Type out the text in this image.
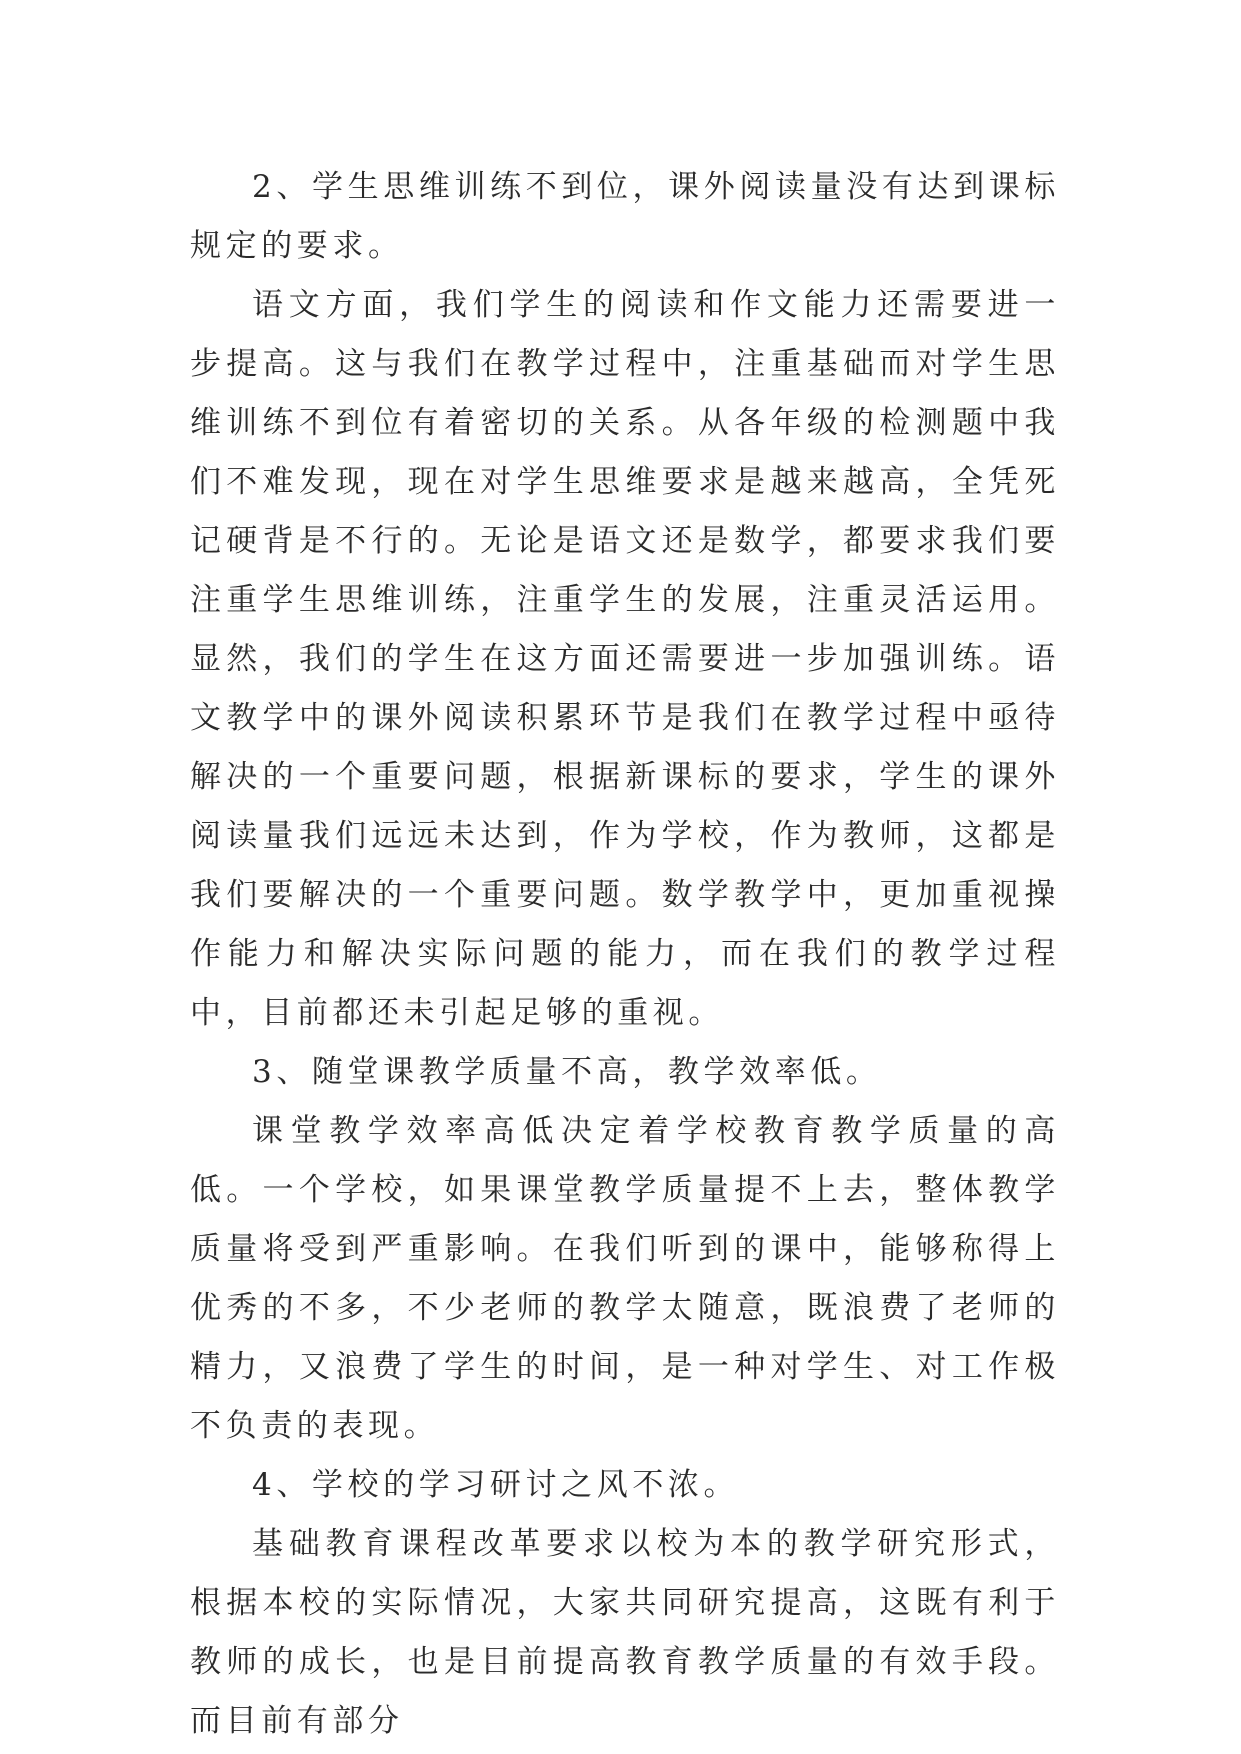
2、学生思维训练不到位，课外阅读量没有达到课标规定的要求。

语文方面，我们学生的阅读和作文能力还需要进一步提高。这与我们在教学过程中，注重基础而对学生思维训练不到位有着密切的关系。从各年级的检测题中我们不难发现，现在对学生思维要求是越来越高，全凭死记硬背是不行的。无论是语文还是数学，都要求我们要注重学生思维训练，注重学生的发展，注重灵活运用。显然，我们的学生在这方面还需要进一步加强训练。语文教学中的课外阅读积累环节是我们在教学过程中亟待解决的一个重要问题，根据新课标的要求，学生的课外阅读量我们远远未达到，作为学校，作为教师，这都是我们要解决的一个重要问题。数学教学中，更加重视操作能力和解决实际问题的能力，而在我们的教学过程中，目前都还未引起足够的重视。

3、随堂课教学质量不高，教学效率低。

课堂教学效率高低决定着学校教育教学质量的高低。一个学校，如果课堂教学质量提不上去，整体教学质量将受到严重影响。在我们听到的课中，能够称得上优秀的不多，不少老师的教学太随意，既浪费了老师的精力，又浪费了学生的时间，是一种对学生、对工作极不负责的表现。

4、学校的学习研讨之风不浓。

基础教育课程改革要求以校为本的教学研究形式，根据本校的实际情况，大家共同研究提高，这既有利于教师的成长，也是目前提高教育教学质量的有效手段。而目前有部分
